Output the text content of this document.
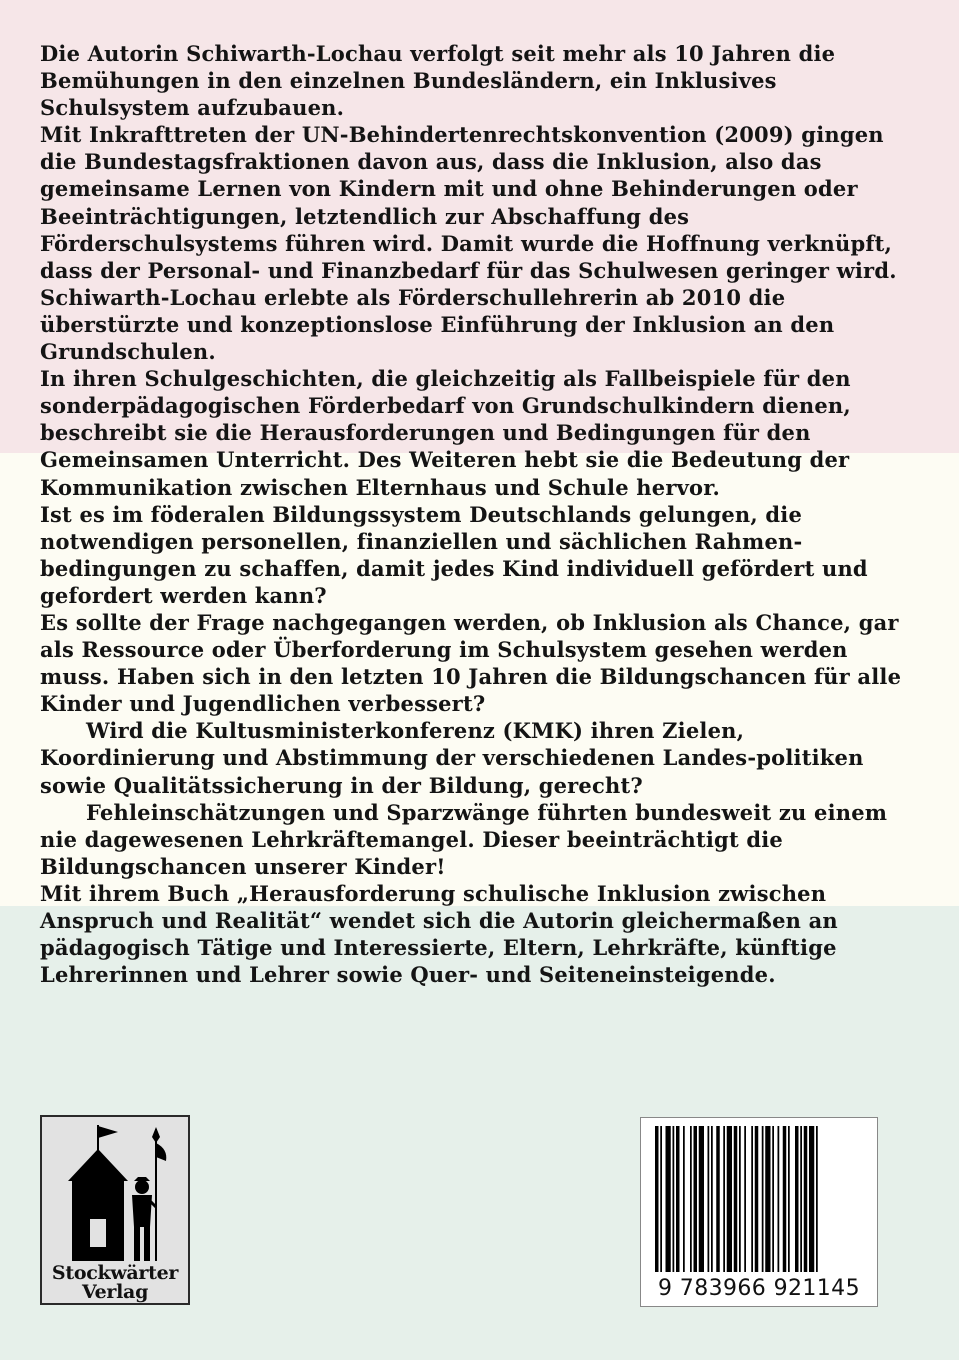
Die Autorin Schiwarth-Lochau verfolgt seit mehr als 10 Jahren die Bemühungen in den einzelnen Bundesländern, ein Inklusives Schulsystem aufzubauen.

Mit Inkrafttreten der UN-Behindertenrechtskonvention (2009) gingen die Bundestagsfraktionen davon aus, dass die Inklusion, also das gemeinsame Lernen von Kindern mit und ohne Behinderungen oder Beeinträchtigungen, letztendlich zur Abschaffung des Förderschulsystems führen wird. Damit wurde die Hoffnung verknüpft, dass der Personal- und Finanzbedarf für das Schulwesen geringer wird.

Schiwarth-Lochau erlebte als Förderschullehrerin ab 2010 die überstürzte und konzeptionslose Einführung der Inklusion an den Grundschulen.

In ihren Schulgeschichten, die gleichzeitig als Fallbeispiele für den sonderpädagogischen Förderbedarf von Grundschulkindern dienen, beschreibt sie die Herausforderungen und Bedingungen für den Gemeinsamen Unterricht. Des Weiteren hebt sie die Bedeutung der Kommunikation zwischen Elternhaus und Schule hervor.

Ist es im föderalen Bildungssystem Deutschlands gelungen, die notwendigen personellen, finanziellen und sächlichen Rahmen-bedingungen zu schaffen, damit jedes Kind individuell gefördert und gefordert werden kann?

Es sollte der Frage nachgegangen werden, ob Inklusion als Chance, gar als Ressource oder Überforderung im Schulsystem gesehen werden muss. Haben sich in den letzten 10 Jahren die Bildungschancen für alle Kinder und Jugendlichen verbessert?

Wird die Kultusministerkonferenz (KMK) ihren Zielen, Koordinierung und Abstimmung der verschiedenen Landes-politiken sowie Qualitätssicherung in der Bildung, gerecht?

Fehleinschätzungen und Sparzwänge führten bundesweit zu einem nie dagewesenen Lehrkräftemangel. Dieser beeinträchtigt die Bildungschancen unserer Kinder!

Mit ihrem Buch „Herausforderung schulische Inklusion zwischen Anspruch und Realität“ wendet sich die Autorin gleichermaßen an pädagogisch Tätige und Interessierte, Eltern, Lehrkräfte, künftige Lehrerinnen und Lehrer sowie Quer- und Seiteneinsteigende.

Stockwärter
Verlag	9 783966 921145
